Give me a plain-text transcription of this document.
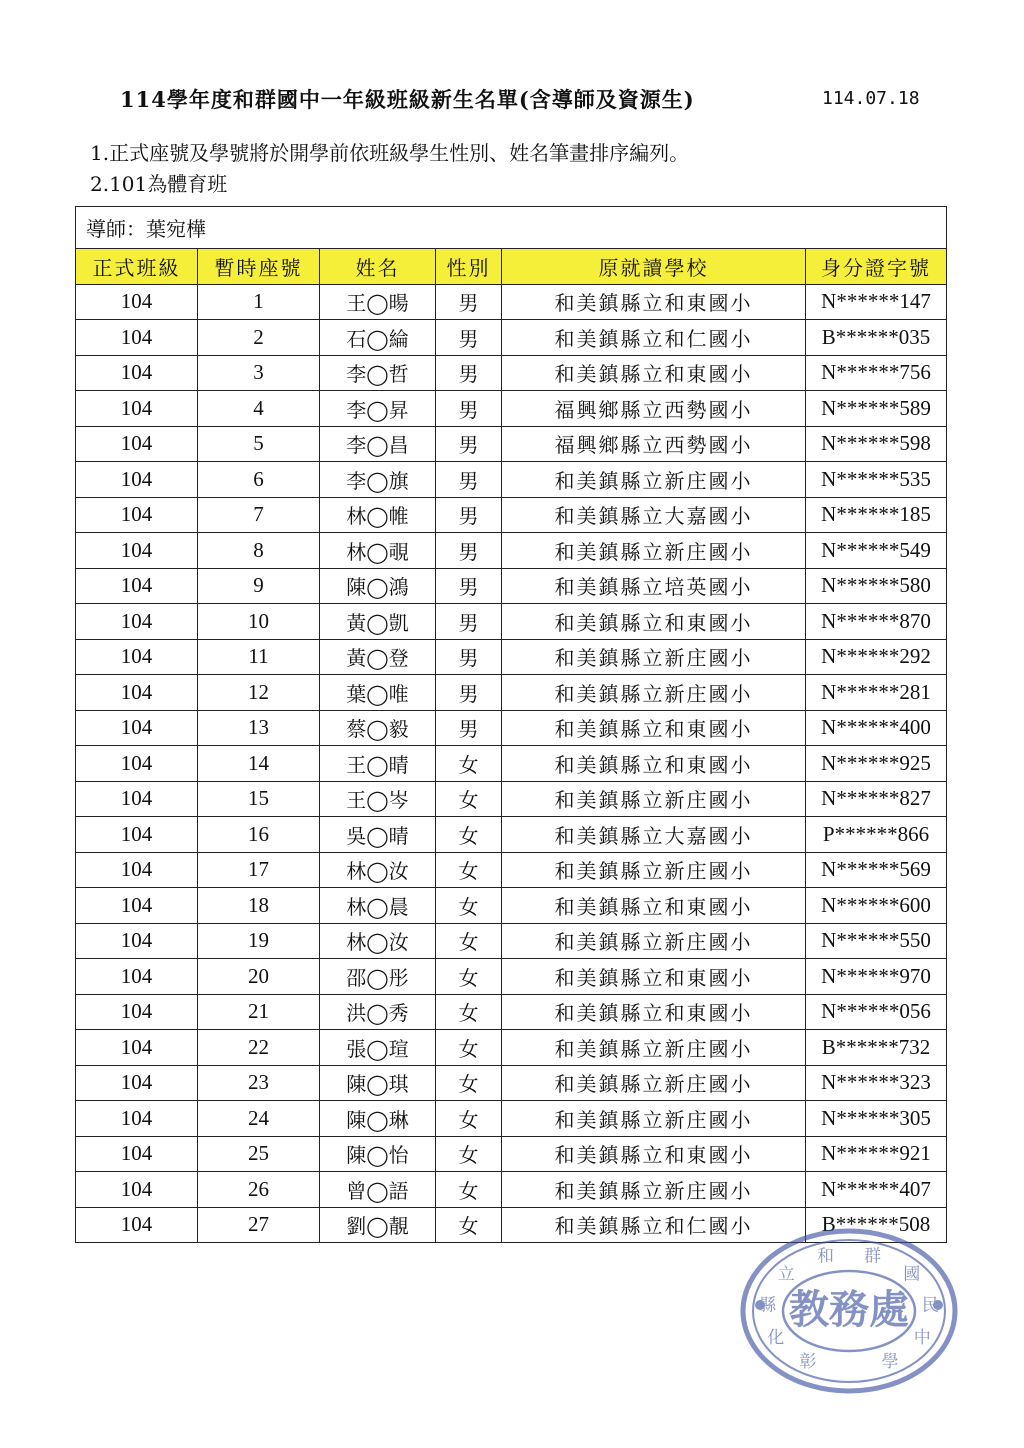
114學年度和群國中一年級班級新生名單(含導師及資源生)	114.07.18
1.正式座號及學號將於開學前依班級學生性別、姓名筆畫排序編列。
2.101為體育班
導師：葉宛樺					
正式班級	暫時座號	姓名	性別	原就讀學校	身分證字號
104	1	王◯暘	男	和美鎮縣立和東國小	N******147
104	2	石◯綸	男	和美鎮縣立和仁國小	B******035
104	3	李◯哲	男	和美鎮縣立和東國小	N******756
104	4	李◯昇	男	福興鄉縣立西勢國小	N******589
104	5	李◯昌	男	福興鄉縣立西勢國小	N******598
104	6	李◯旗	男	和美鎮縣立新庄國小	N******535
104	7	林◯帷	男	和美鎮縣立大嘉國小	N******185
104	8	林◯覗	男	和美鎮縣立新庄國小	N******549
104	9	陳◯鴻	男	和美鎮縣立培英國小	N******580
104	10	黃◯凱	男	和美鎮縣立和東國小	N******870
104	11	黃◯登	男	和美鎮縣立新庄國小	N******292
104	12	葉◯唯	男	和美鎮縣立新庄國小	N******281
104	13	蔡◯毅	男	和美鎮縣立和東國小	N******400
104	14	王◯晴	女	和美鎮縣立和東國小	N******925
104	15	王◯岑	女	和美鎮縣立新庄國小	N******827
104	16	吳◯晴	女	和美鎮縣立大嘉國小	P******866
104	17	林◯汝	女	和美鎮縣立新庄國小	N******569
104	18	林◯晨	女	和美鎮縣立和東國小	N******600
104	19	林◯汝	女	和美鎮縣立新庄國小	N******550
104	20	邵◯彤	女	和美鎮縣立和東國小	N******970
104	21	洪◯秀	女	和美鎮縣立和東國小	N******056
104	22	張◯瑄	女	和美鎮縣立新庄國小	B******732
104	23	陳◯琪	女	和美鎮縣立新庄國小	N******323
104	24	陳◯琳	女	和美鎮縣立新庄國小	N******305
104	25	陳◯怡	女	和美鎮縣立和東國小	N******921
104	26	曾◯語	女	和美鎮縣立新庄國小	N******407
104	27	劉◯靚	女	和美鎮縣立和仁國小	B******508
教務處
彰
化
縣
立
和 群
國
民
中
學
